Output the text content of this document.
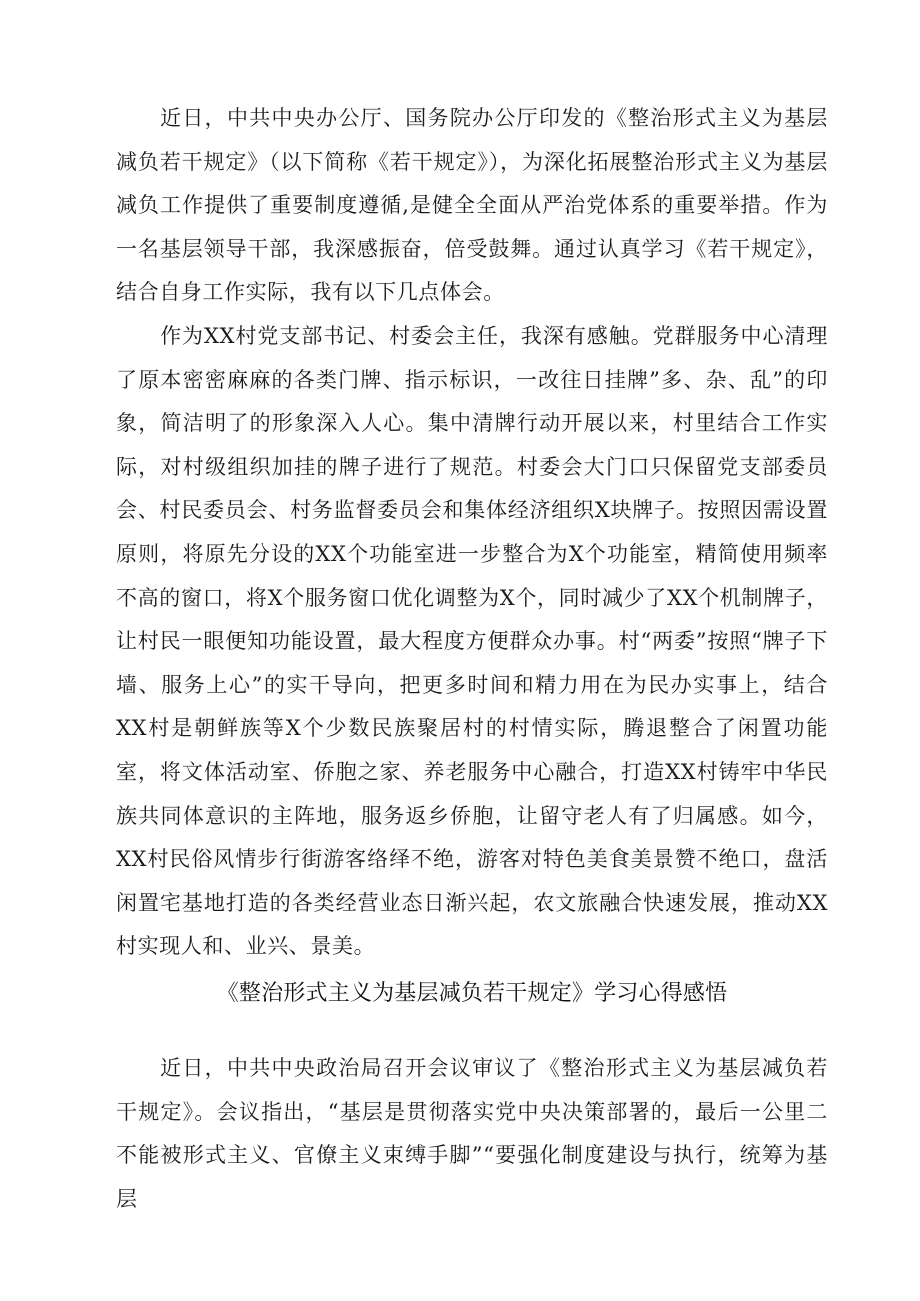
近日，中共中央办公厅、国务院办公厅印发的《整治形式主义为基层减负若干规定》（以下简称《若干规定》），为深化拓展整治形式主义为基层减负工作提供了重要制度遵循,是健全全面从严治党体系的重要举措。作为一名基层领导干部，我深感振奋，倍受鼓舞。通过认真学习《若干规定》，结合自身工作实际，我有以下几点体会。

作为XX村党支部书记、村委会主任，我深有感触。党群服务中心清理了原本密密麻麻的各类门牌、指示标识，一改往日挂牌”多、杂、乱”的印象，简洁明了的形象深入人心。集中清牌行动开展以来，村里结合工作实际，对村级组织加挂的牌子进行了规范。村委会大门口只保留党支部委员会、村民委员会、村务监督委员会和集体经济组织X块牌子。按照因需设置原则，将原先分设的XX个功能室进一步整合为X个功能室，精简使用频率不高的窗口，将X个服务窗口优化调整为X个，同时减少了XX个机制牌子，让村民一眼便知功能设置，最大程度方便群众办事。村“两委”按照“牌子下墙、服务上心”的实干导向，把更多时间和精力用在为民办实事上，结合XX村是朝鲜族等X个少数民族聚居村的村情实际，腾退整合了闲置功能室，将文体活动室、侨胞之家、养老服务中心融合，打造XX村铸牢中华民族共同体意识的主阵地，服务返乡侨胞，让留守老人有了归属感。如今，XX村民俗风情步行街游客络绎不绝，游客对特色美食美景赞不绝口，盘活闲置宅基地打造的各类经营业态日渐兴起，农文旅融合快速发展，推动XX村实现人和、业兴、景美。

《整治形式主义为基层减负若干规定》学习心得感悟

近日，中共中央政治局召开会议审议了《整治形式主义为基层减负若干规定》。会议指出，“基层是贯彻落实党中央决策部署的，最后一公里二不能被形式主义、官僚主义束缚手脚”“要强化制度建设与执行，统筹为基层
